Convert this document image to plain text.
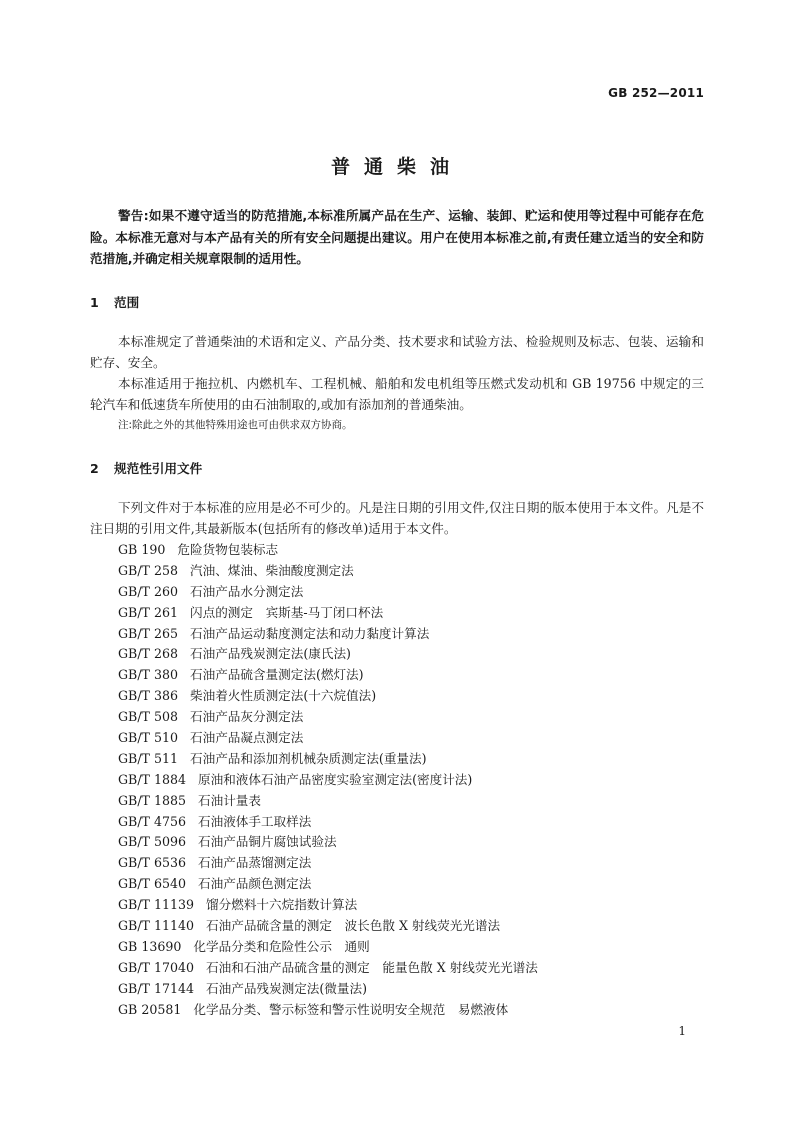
GB 252—2011
普通柴油

警告:如果不遵守适当的防范措施,本标准所属产品在生产、运输、装卸、贮运和使用等过程中可能存在危险。本标准无意对与本产品有关的所有安全问题提出建议。用户在使用本标准之前,有责任建立适当的安全和防范措施,并确定相关规章限制的适用性。

1 范围

本标准规定了普通柴油的术语和定义、产品分类、技术要求和试验方法、检验规则及标志、包装、运输和贮存、安全。

本标准适用于拖拉机、内燃机车、工程机械、船舶和发电机组等压燃式发动机和 GB 19756 中规定的三轮汽车和低速货车所使用的由石油制取的,或加有添加剂的普通柴油。

注:除此之外的其他特殊用途也可由供求双方协商。
2 规范性引用文件

下列文件对于本标准的应用是必不可少的。凡是注日期的引用文件,仅注日期的版本使用于本文件。凡是不注日期的引用文件,其最新版本(包括所有的修改单)适用于本文件。

GB 190 危险货物包装标志
GB/T 258 汽油、煤油、柴油酸度测定法
GB/T 260 石油产品水分测定法
GB/T 261 闪点的测定　宾斯基-马丁闭口杯法
GB/T 265 石油产品运动黏度测定法和动力黏度计算法
GB/T 268 石油产品残炭测定法(康氏法)
GB/T 380 石油产品硫含量测定法(燃灯法)
GB/T 386 柴油着火性质测定法(十六烷值法)
GB/T 508 石油产品灰分测定法
GB/T 510 石油产品凝点测定法
GB/T 511 石油产品和添加剂机械杂质测定法(重量法)
GB/T 1884 原油和液体石油产品密度实验室测定法(密度计法)
GB/T 1885 石油计量表
GB/T 4756 石油液体手工取样法
GB/T 5096 石油产品铜片腐蚀试验法
GB/T 6536 石油产品蒸馏测定法
GB/T 6540 石油产品颜色测定法
GB/T 11139 馏分燃料十六烷指数计算法
GB/T 11140 石油产品硫含量的测定　波长色散 X 射线荧光光谱法
GB 13690 化学品分类和危险性公示　通则
GB/T 17040 石油和石油产品硫含量的测定　能量色散 X 射线荧光光谱法
GB/T 17144 石油产品残炭测定法(微量法)
GB 20581 化学品分类、警示标签和警示性说明安全规范　易燃液体
1
